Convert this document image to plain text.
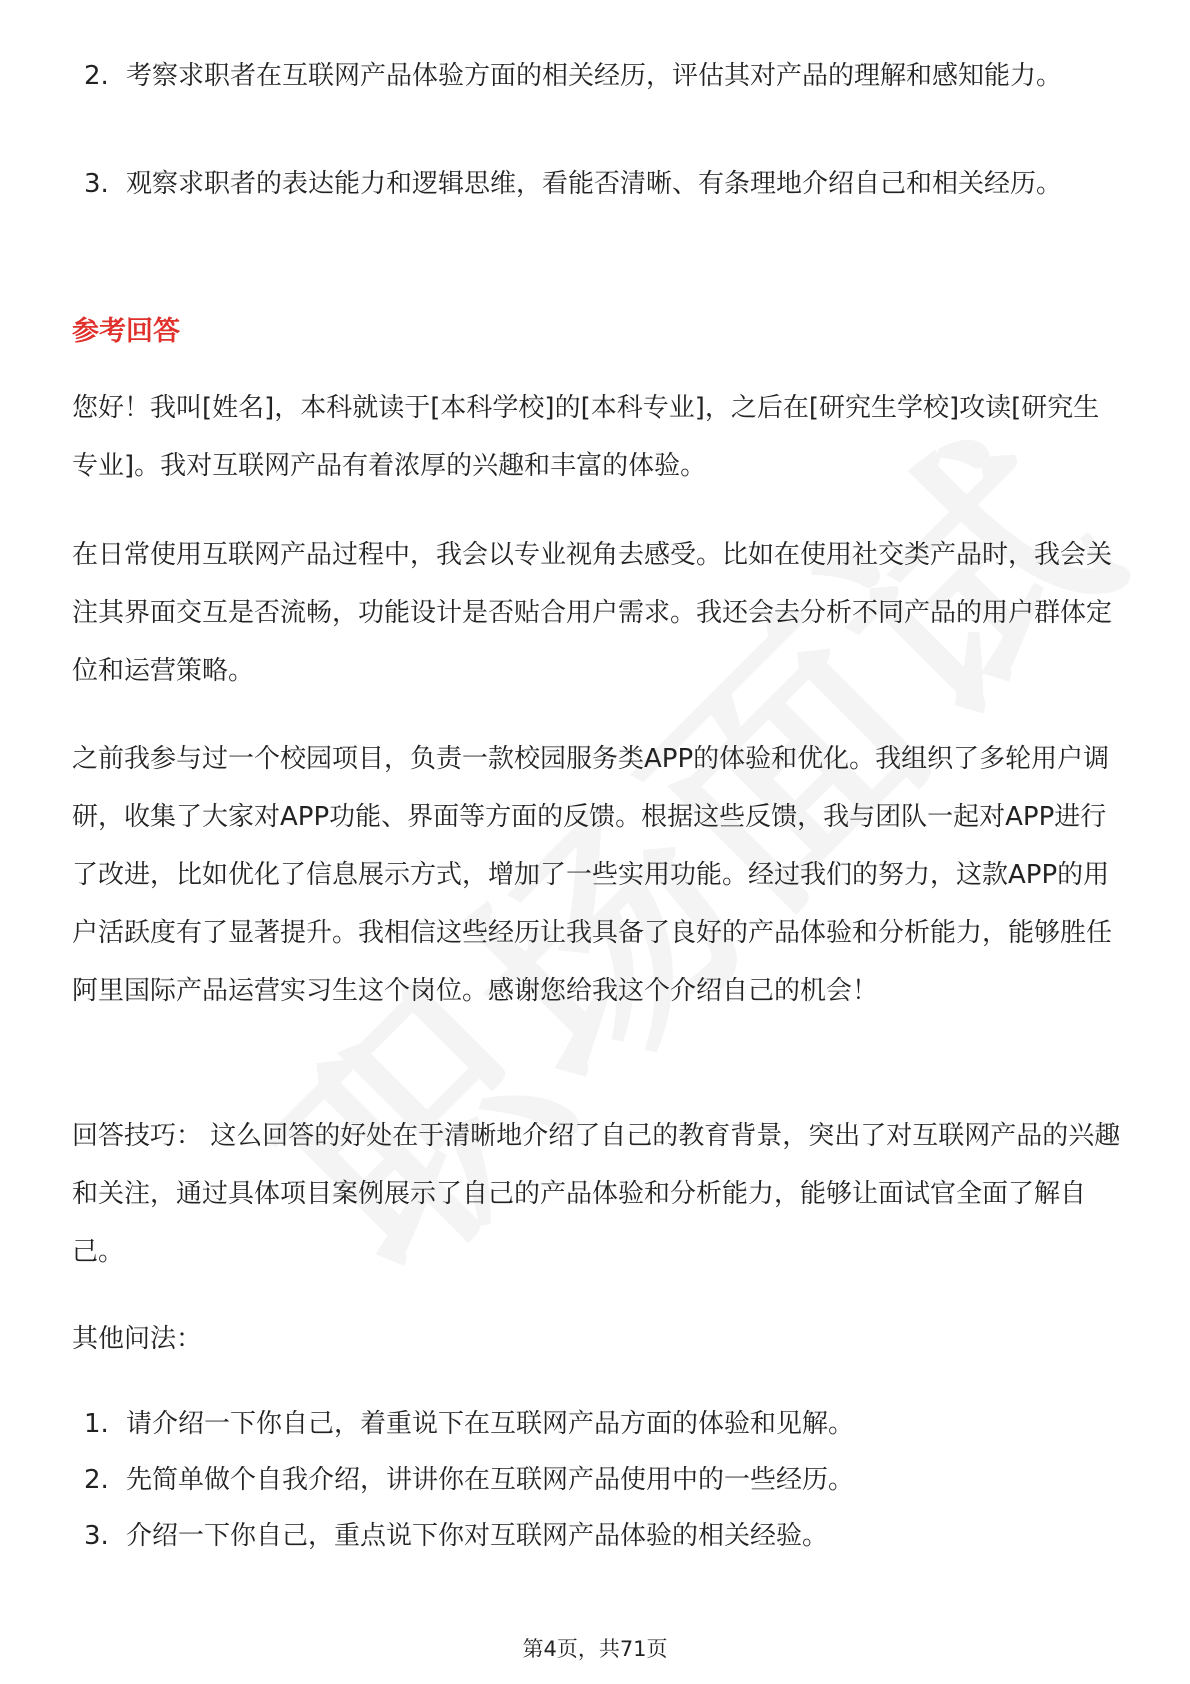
2. 考察求职者在互联网产品体验方面的相关经历，评估其对产品的理解和感知能力。
3. 观察求职者的表达能力和逻辑思维，看能否清晰、有条理地介绍自己和相关经历。
参考回答

您好！我叫[姓名]，本科就读于[本科学校]的[本科专业]，之后在[研究生学校]攻读[研究生专业]。我对互联网产品有着浓厚的兴趣和丰富的体验。

在日常使用互联网产品过程中，我会以专业视角去感受。比如在使用社交类产品时，我会关注其界面交互是否流畅，功能设计是否贴合用户需求。我还会去分析不同产品的用户群体定位和运营策略。

之前我参与过一个校园项目，负责一款校园服务类APP的体验和优化。我组织了多轮用户调研，收集了大家对APP功能、界面等方面的反馈。根据这些反馈，我与团队一起对APP进行了改进，比如优化了信息展示方式，增加了一些实用功能。经过我们的努力，这款APP的用户活跃度有了显著提升。我相信这些经历让我具备了良好的产品体验和分析能力，能够胜任阿里国际产品运营实习生这个岗位。感谢您给我这个介绍自己的机会！

回答技巧： 这么回答的好处在于清晰地介绍了自己的教育背景，突出了对互联网产品的兴趣和关注，通过具体项目案例展示了自己的产品体验和分析能力，能够让面试官全面了解自己。

其他问法：

1. 请介绍一下你自己，着重说下在互联网产品方面的体验和见解。
2. 先简单做个自我介绍，讲讲你在互联网产品使用中的一些经历。
3. 介绍一下你自己，重点说下你对互联网产品体验的相关经验。
第4页，共71页
